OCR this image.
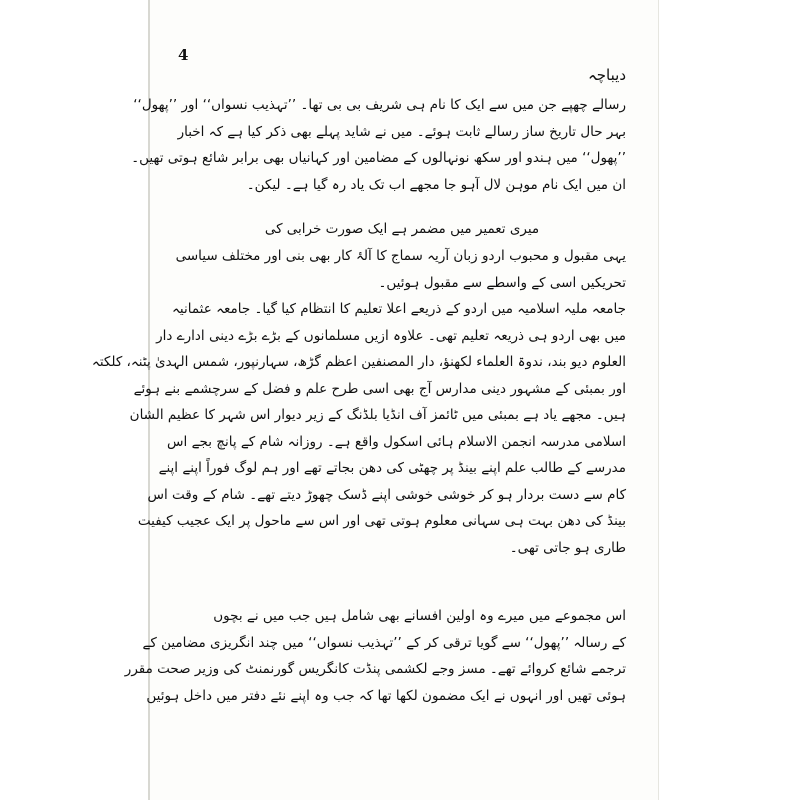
4
دیباچہ
رسالے چھپے جن میں سے ایک کا نام ہی شریف بی بی تھا۔ ’’تہذیب نسواں‘‘ اور ’’پھول‘‘
بہر حال تاریخ ساز رسالے ثابت ہوئے۔ میں نے شاید پہلے بھی ذکر کیا ہے کہ اخبار
’’پھول‘‘ میں ہندو اور سکھ نونہالوں کے مضامین اور کہانیاں بھی برابر شائع ہوتی تھیں۔
ان میں ایک نام موہن لال آہو جا مجھے اب تک یاد رہ گیا ہے۔ لیکن۔
میری تعمیر میں مضمر ہے ایک صورت خرابی کی
یہی مقبول و محبوب اردو زبان آریہ سماج کا آلۂ کار بھی بنی اور مختلف سیاسی
تحریکیں اسی کے واسطے سے مقبول ہوئیں۔
جامعہ ملیہ اسلامیہ میں اردو کے ذریعے اعلا تعلیم کا انتظام کیا گیا۔ جامعہ عثمانیہ
میں بھی اردو ہی ذریعہ تعلیم تھی۔ علاوہ ازیں مسلمانوں کے بڑے بڑے دینی ادارے دار
العلوم دیو بند، ندوۃ العلماء لکھنؤ، دار المصنفین اعظم گڑھ، سہارنپور، شمس الہدیٰ پٹنہ، کلکتہ
اور بمبئی کے مشہور دینی مدارس آج بھی اسی طرح علم و فضل کے سرچشمے بنے ہوئے
ہیں۔ مجھے یاد ہے بمبئی میں ٹائمز آف انڈیا بلڈنگ کے زیر دیوار اس شہر کا عظیم الشان
اسلامی مدرسہ انجمن الاسلام ہائی اسکول واقع ہے۔ روزانہ شام کے پانچ بجے اس
مدرسے کے طالب علم اپنے بینڈ پر چھٹی کی دھن بجاتے تھے اور ہم لوگ فوراً اپنے اپنے
کام سے دست بردار ہو کر خوشی خوشی اپنے ڈسک چھوڑ دیتے تھے۔ شام کے وقت اس
بینڈ کی دھن بہت ہی سہانی معلوم ہوتی تھی اور اس سے ماحول پر ایک عجیب کیفیت
طاری ہو جاتی تھی۔
اس مجموعے میں میرے وہ اولین افسانے بھی شامل ہیں جب میں نے بچوں
کے رسالہ ’’پھول‘‘ سے گویا ترقی کر کے ’’تہذیب نسواں‘‘ میں چند انگریزی مضامین کے
ترجمے شائع کروائے تھے۔ مسز وجے لکشمی پنڈت کانگریس گورنمنٹ کی وزیر صحت مقرر
ہوئی تھیں اور انہوں نے ایک مضمون لکھا تھا کہ جب وہ اپنے نئے دفتر میں داخل ہوئیں
